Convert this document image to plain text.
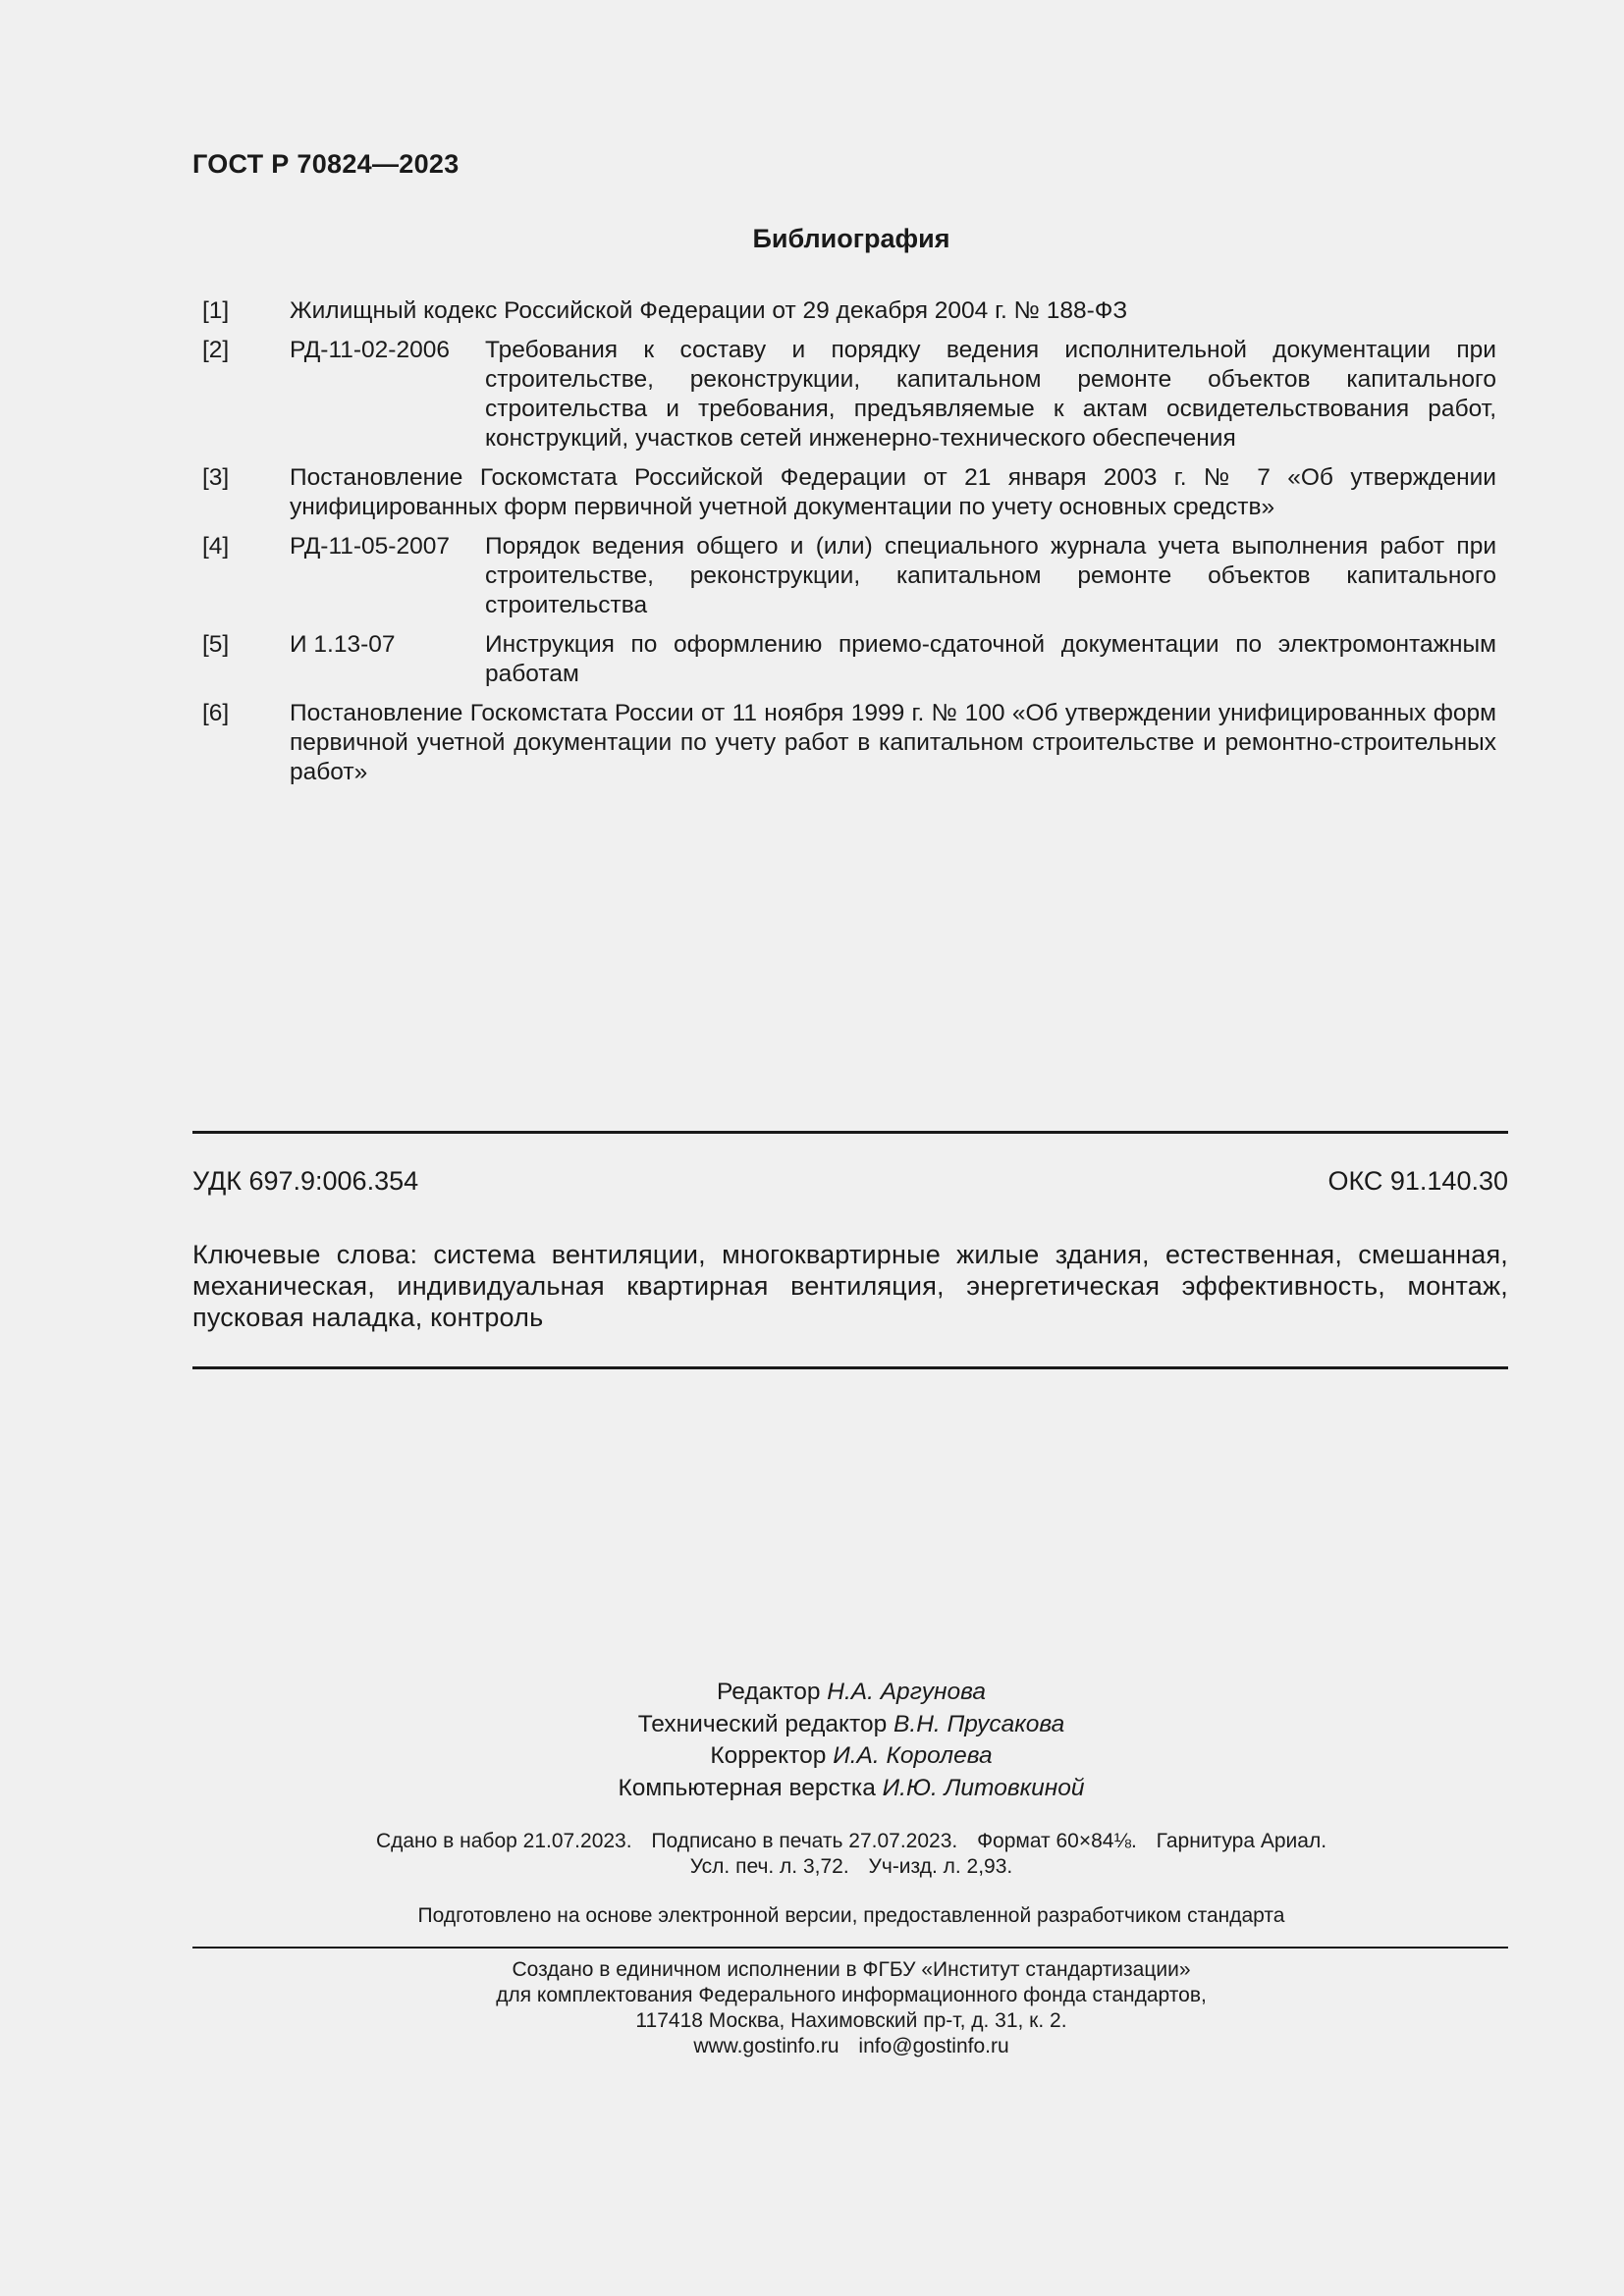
ГОСТ Р 70824—2023
Библиография
[1]	Жилищный кодекс Российской Федерации от 29 декабря 2004 г. № 188-ФЗ
[2]	РД-11-02-2006	Требования к составу и порядку ведения исполнительной документации при строительстве, реконструкции, капитальном ремонте объектов капитального строительства и требования, предъявляемые к актам освидетельствования работ, конструкций, участков сетей инженерно-технического обеспечения
[3]	Постановление Госкомстата Российской Федерации от 21 января 2003 г. № 7 «Об утверждении унифицированных форм первичной учетной документации по учету основных средств»
[4]	РД-11-05-2007	Порядок ведения общего и (или) специального журнала учета выполнения работ при строительстве, реконструкции, капитальном ремонте объектов капитального строительства
[5]	И 1.13-07	Инструкция по оформлению приемо-сдаточной документации по электромонтажным работам
[6]	Постановление Госкомстата России от 11 ноября 1999 г. № 100 «Об утверждении унифицированных форм первичной учетной документации по учету работ в капитальном строительстве и ремонтно-строительных работ»
УДК 697.9:006.354	ОКС 91.140.30
Ключевые слова: система вентиляции, многоквартирные жилые здания, естественная, смешанная, механическая, индивидуальная квартирная вентиляция, энергетическая эффективность, монтаж, пусковая наладка, контроль
Редактор Н.А. Аргунова
Технический редактор В.Н. Прусакова
Корректор И.А. Королева
Компьютерная верстка И.Ю. Литовкиной
Сдано в набор 21.07.2023. Подписано в печать 27.07.2023. Формат 60×84⅛. Гарнитура Ариал.
Усл. печ. л. 3,72. Уч-изд. л. 2,93.
Подготовлено на основе электронной версии, предоставленной разработчиком стандарта
Создано в единичном исполнении в ФГБУ «Институт стандартизации»
для комплектования Федерального информационного фонда стандартов,
117418 Москва, Нахимовский пр-т, д. 31, к. 2.
www.gostinfo.ru info@gostinfo.ru
